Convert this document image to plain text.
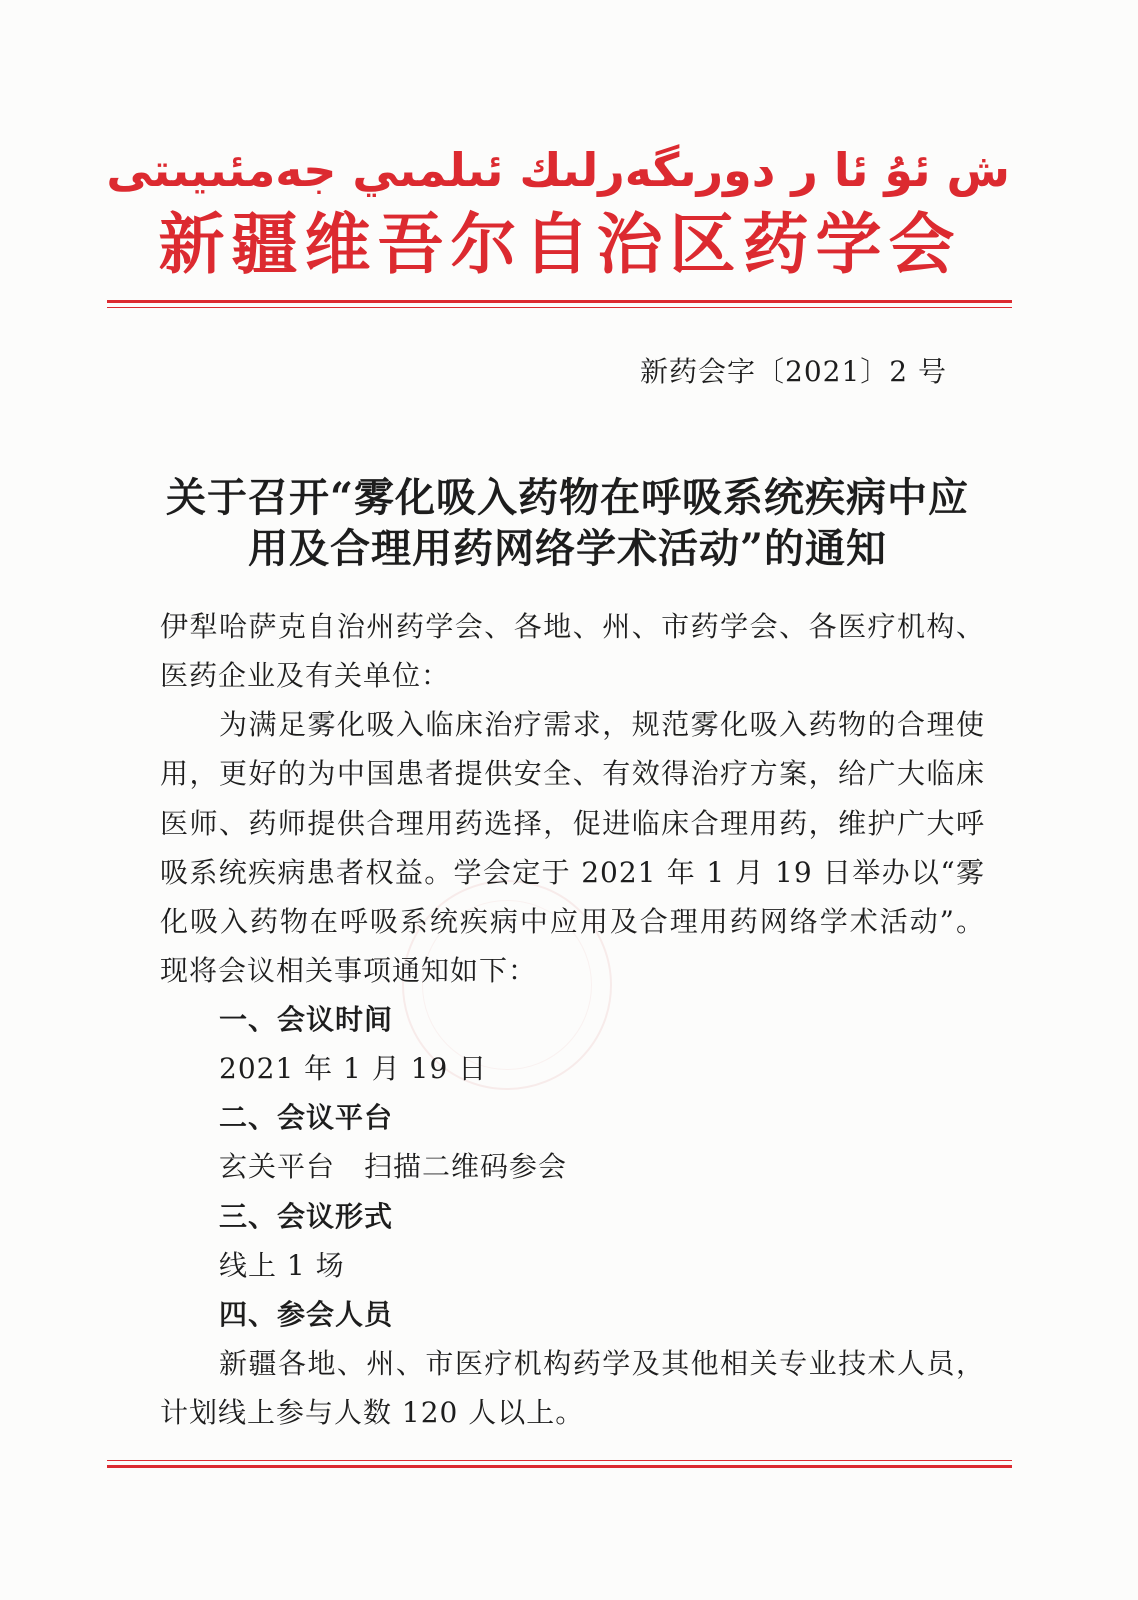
ش ئۇ ئا ر دورىگەرلىك ئىلمىي جەمئىيىتى
新疆维吾尔自治区药学会
新药会字〔2021〕2 号
关于召开“雾化吸入药物在呼吸系统疾病中应
用及合理用药网络学术活动”的通知
伊犁哈萨克自治州药学会、各地、州、市药学会、各医疗机构、
医药企业及有关单位：
为满足雾化吸入临床治疗需求，规范雾化吸入药物的合理使
用，更好的为中国患者提供安全、有效得治疗方案，给广大临床
医师、药师提供合理用药选择，促进临床合理用药，维护广大呼
吸系统疾病患者权益。学会定于 2021 年 1 月 19 日举办以“雾
化吸入药物在呼吸系统疾病中应用及合理用药网络学术活动”。
现将会议相关事项通知如下：
一、会议时间
2021 年 1 月 19 日
二、会议平台
玄关平台　扫描二维码参会
三、会议形式
线上 1 场
四、参会人员
新疆各地、州、市医疗机构药学及其他相关专业技术人员，
计划线上参与人数 120 人以上。
